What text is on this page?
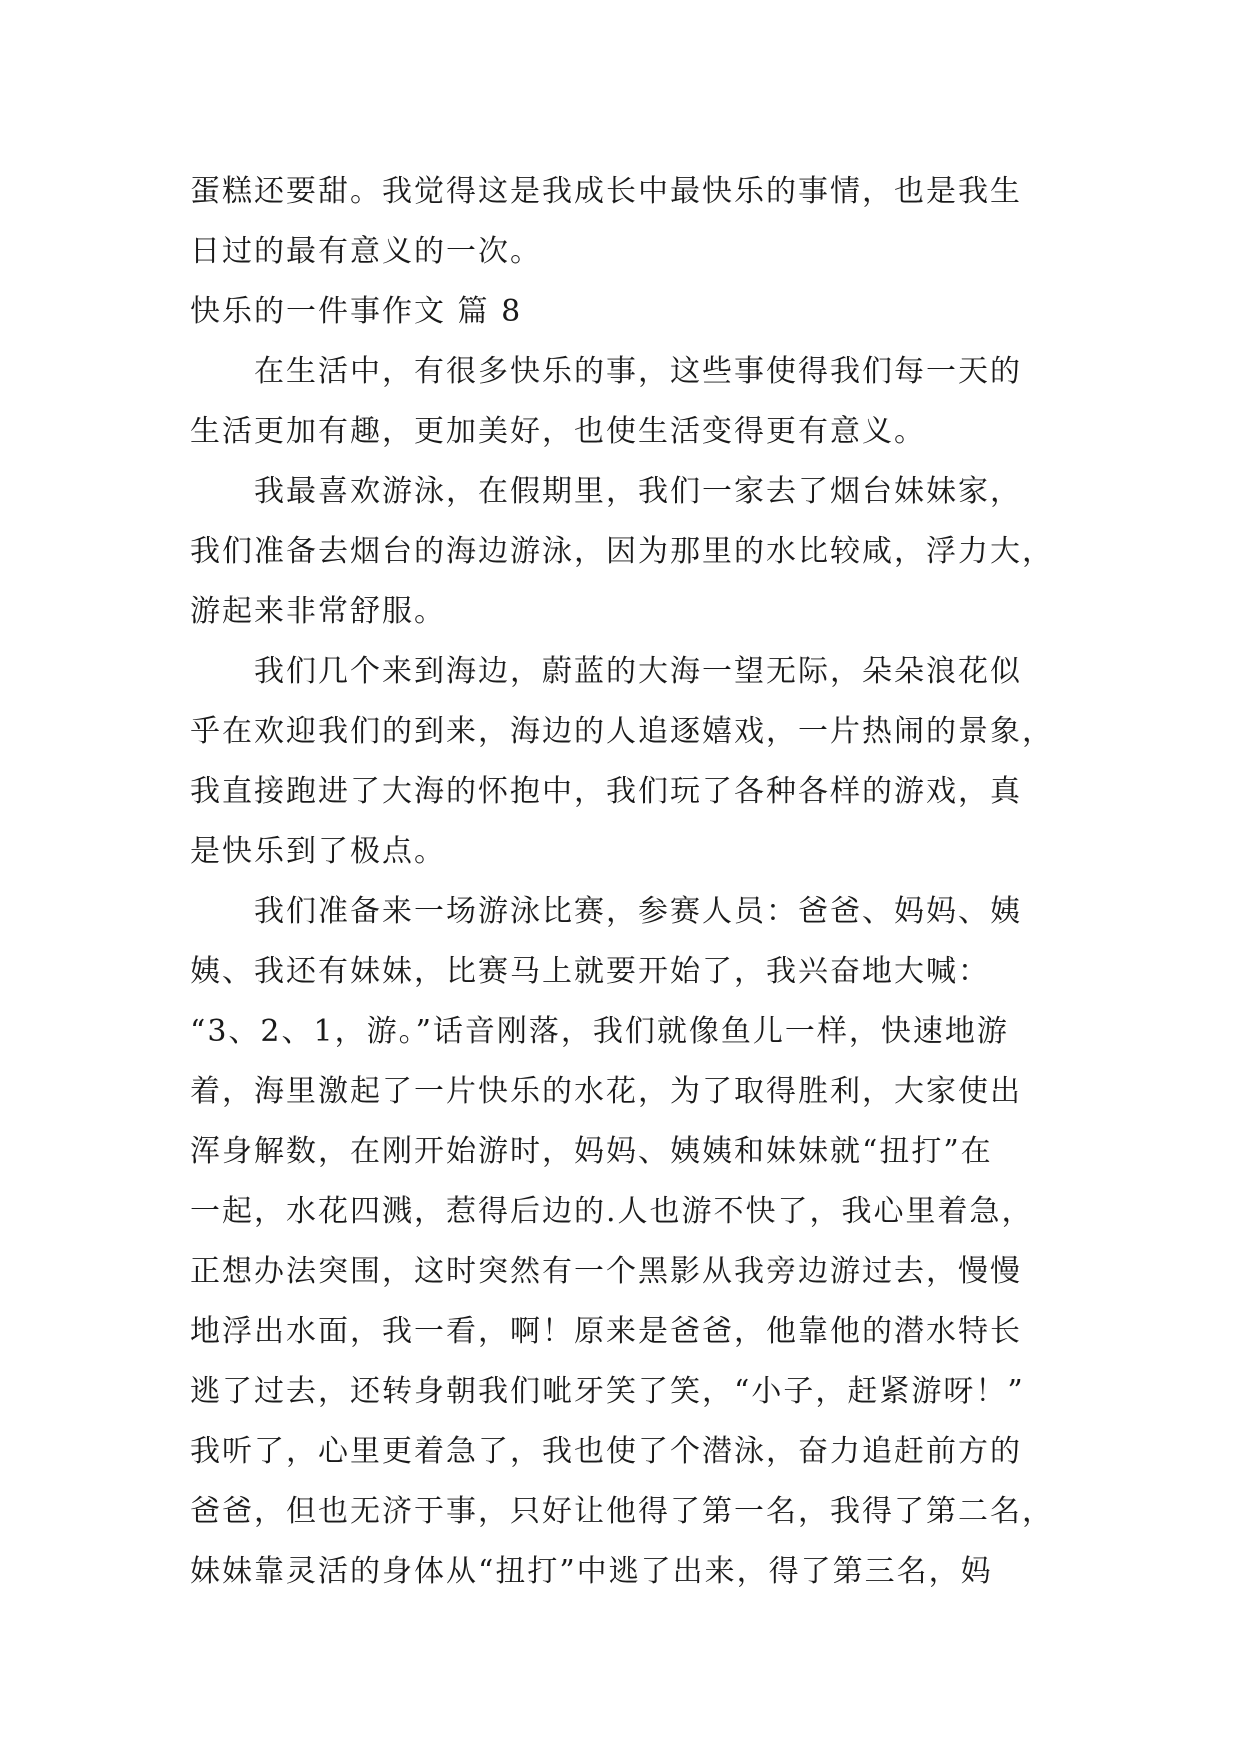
蛋糕还要甜。我觉得这是我成长中最快乐的事情，也是我生
日过的最有意义的一次。
快乐的一件事作文 篇 8
　　在生活中，有很多快乐的事，这些事使得我们每一天的
生活更加有趣，更加美好，也使生活变得更有意义。
　　我最喜欢游泳，在假期里，我们一家去了烟台妹妹家，
我们准备去烟台的海边游泳，因为那里的水比较咸，浮力大，
游起来非常舒服。
　　我们几个来到海边，蔚蓝的大海一望无际，朵朵浪花似
乎在欢迎我们的到来，海边的人追逐嬉戏，一片热闹的景象，
我直接跑进了大海的怀抱中，我们玩了各种各样的游戏，真
是快乐到了极点。
　　我们准备来一场游泳比赛，参赛人员：爸爸、妈妈、姨
姨、我还有妹妹，比赛马上就要开始了，我兴奋地大喊：
“3、2、1，游。”话音刚落，我们就像鱼儿一样，快速地游
着，海里激起了一片快乐的水花，为了取得胜利，大家使出
浑身解数，在刚开始游时，妈妈、姨姨和妹妹就“扭打”在
一起，水花四溅，惹得后边的.人也游不快了，我心里着急，
正想办法突围，这时突然有一个黑影从我旁边游过去，慢慢
地浮出水面，我一看，啊！原来是爸爸，他靠他的潜水特长
逃了过去，还转身朝我们呲牙笑了笑，“小子，赶紧游呀！”
我听了，心里更着急了，我也使了个潜泳，奋力追赶前方的
爸爸，但也无济于事，只好让他得了第一名，我得了第二名，
妹妹靠灵活的身体从“扭打”中逃了出来，得了第三名，妈
